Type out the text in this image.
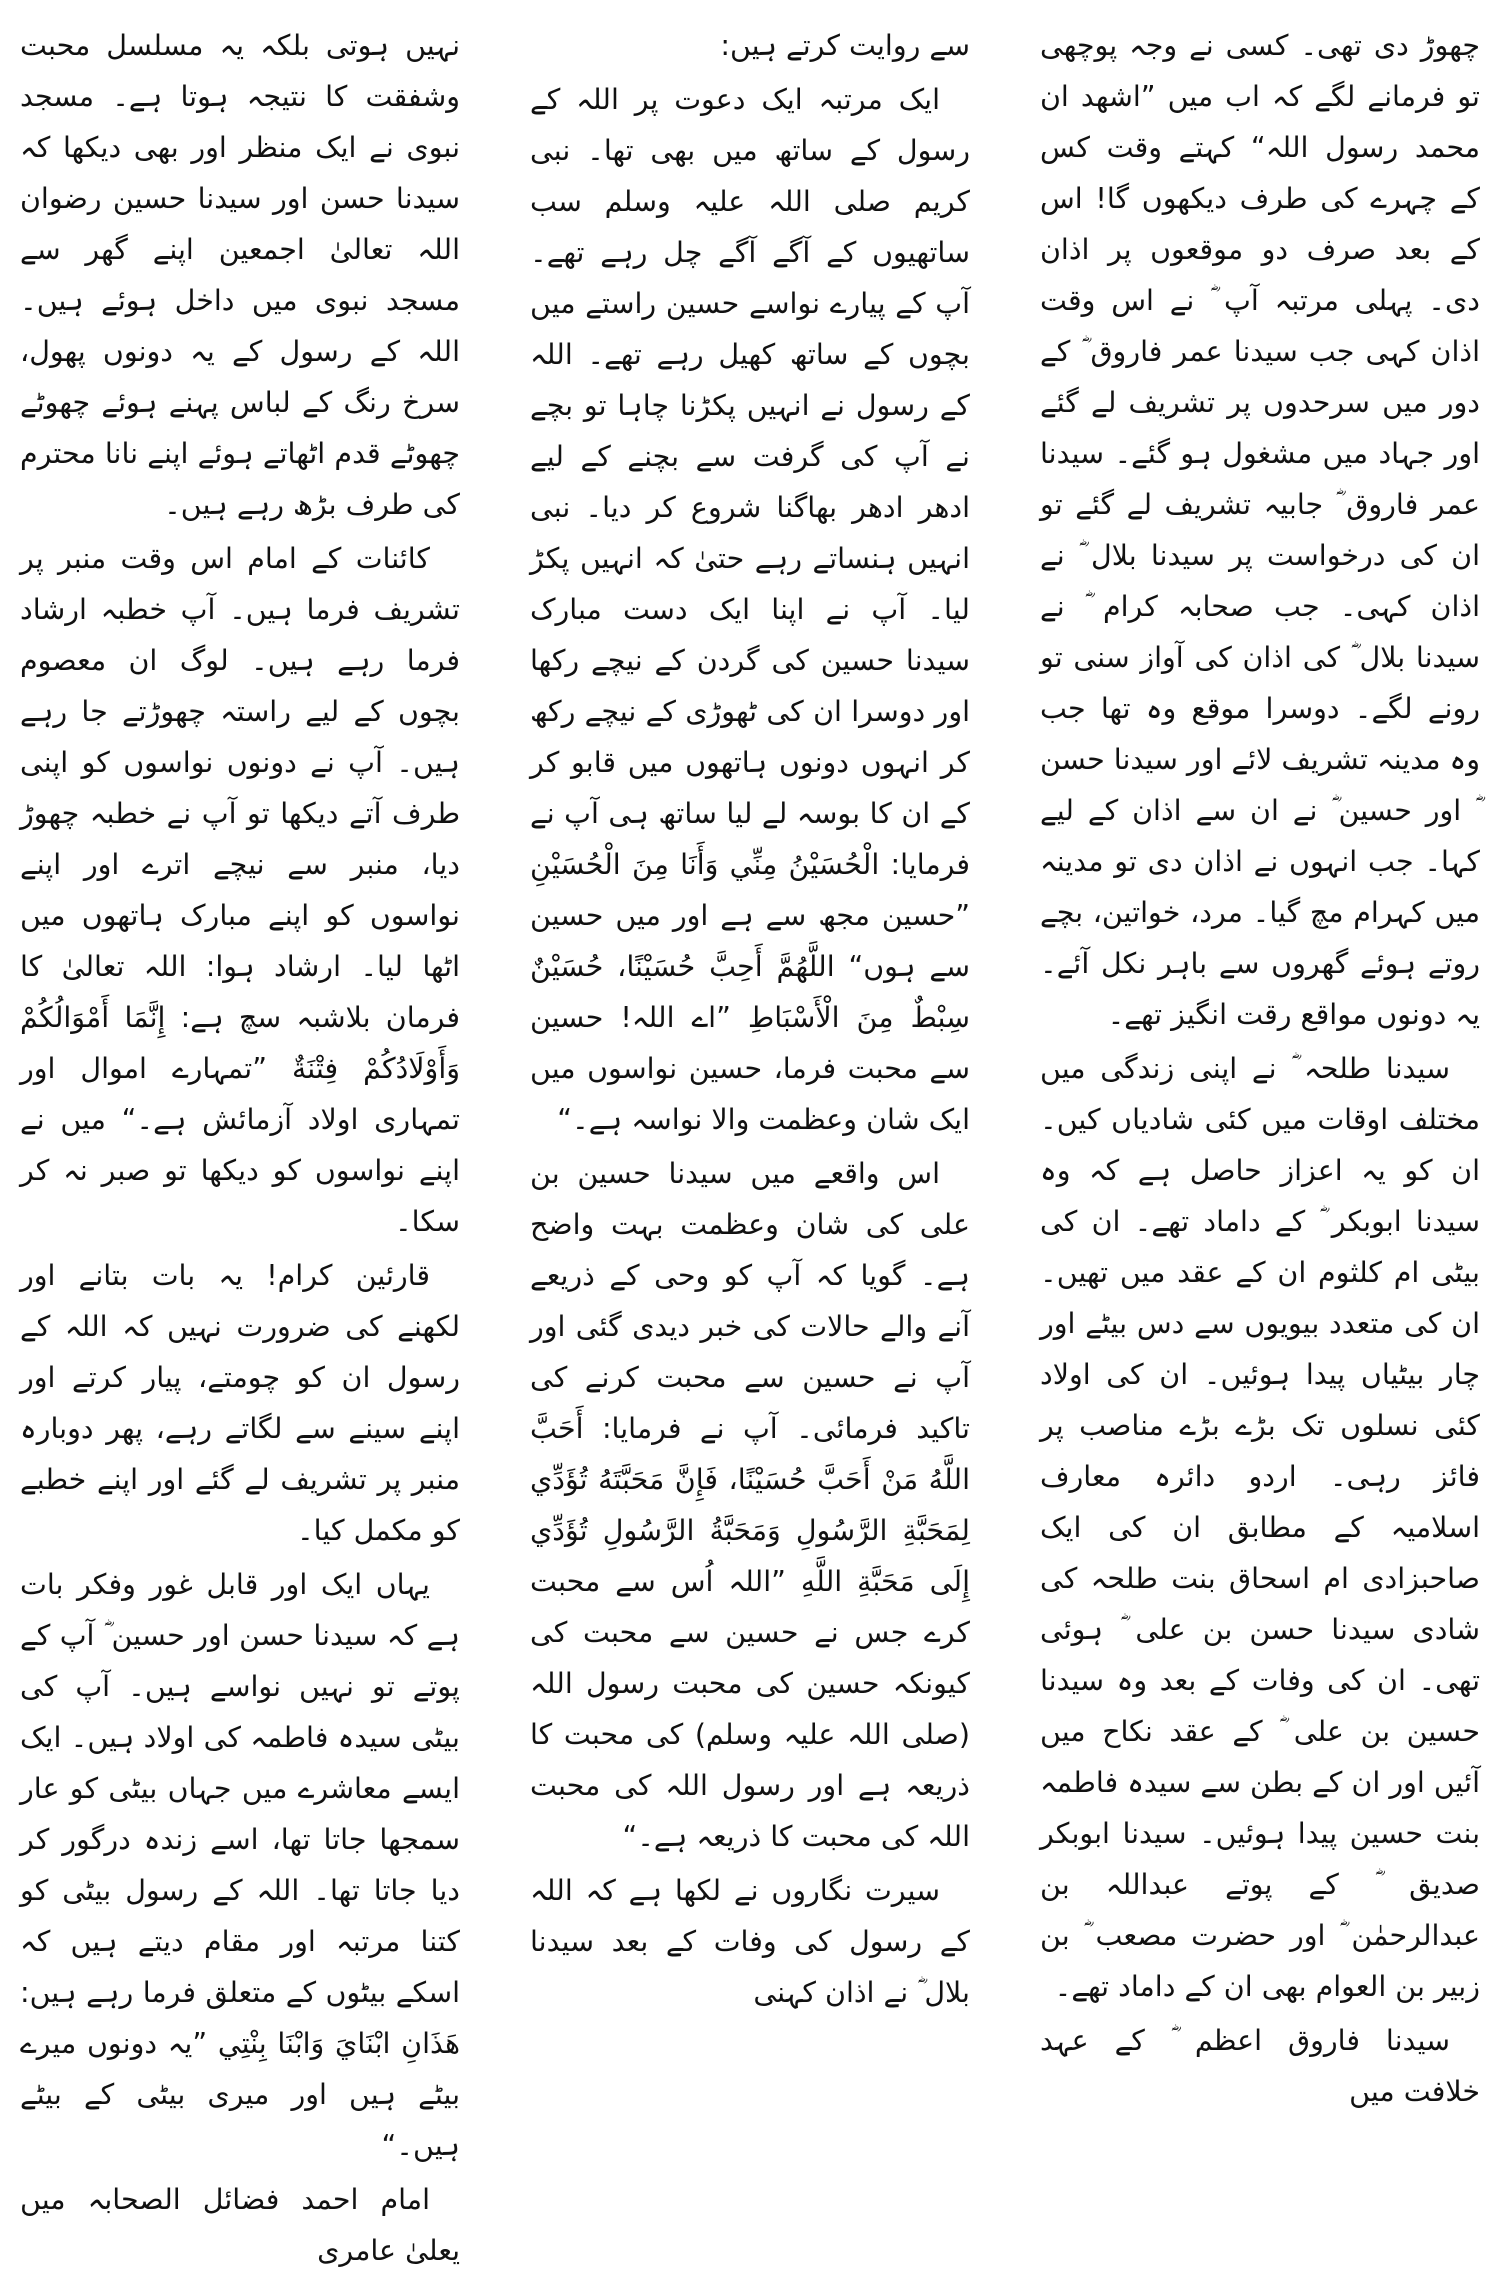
نہیں ہوتی بلکہ یہ مسلسل محبت وشفقت کا نتیجہ ہوتا ہے۔ مسجد نبوی نے ایک منظر اور بھی دیکھا کہ سیدنا حسن اور سیدنا حسین رضوان اللہ تعالیٰ اجمعین اپنے گھر سے مسجد نبوی میں داخل ہوئے ہیں۔ اللہ کے رسول کے یہ دونوں پھول، سرخ رنگ کے لباس پہنے ہوئے چھوٹے چھوٹے قدم اٹھاتے ہوئے اپنے نانا محترم کی طرف بڑھ رہے ہیں۔

کائنات کے امام اس وقت منبر پر تشریف فرما ہیں۔ آپ خطبہ ارشاد فرما رہے ہیں۔ لوگ ان معصوم بچوں کے لیے راستہ چھوڑتے جا رہے ہیں۔ آپ نے دونوں نواسوں کو اپنی طرف آتے دیکھا تو آپ نے خطبہ چھوڑ دیا، منبر سے نیچے اترے اور اپنے نواسوں کو اپنے مبارک ہاتھوں میں اٹھا لیا۔ ارشاد ہوا: اللہ تعالیٰ کا فرمان بلاشبہ سچ ہے: إِنَّمَا أَمْوَالُكُمْ وَأَوْلَادُكُمْ فِتْنَةٌ ”تمہارے اموال اور تمہاری اولاد آزمائش ہے۔“ میں نے اپنے نواسوں کو دیکھا تو صبر نہ کر سکا۔

قارئین کرام! یہ بات بتانے اور لکھنے کی ضرورت نہیں کہ اللہ کے رسول ان کو چومتے، پیار کرتے اور اپنے سینے سے لگاتے رہے، پھر دوبارہ منبر پر تشریف لے گئے اور اپنے خطبے کو مکمل کیا۔

یہاں ایک اور قابل غور وفکر بات ہے کہ سیدنا حسن اور حسین ؓ آپ کے پوتے تو نہیں نواسے ہیں۔ آپ کی بیٹی سیدہ فاطمہ کی اولاد ہیں۔ ایک ایسے معاشرے میں جہاں بیٹی کو عار سمجھا جاتا تھا، اسے زندہ درگور کر دیا جاتا تھا۔ اللہ کے رسول بیٹی کو کتنا مرتبہ اور مقام دیتے ہیں کہ اسکے بیٹوں کے متعلق فرما رہے ہیں: هَذَانِ ابْنَايَ وَابْنَا بِنْتِي ”یہ دونوں میرے بیٹے ہیں اور میری بیٹی کے بیٹے ہیں۔“

امام احمد فضائل الصحابہ میں یعلیٰ عامری

سے روایت کرتے ہیں:

ایک مرتبہ ایک دعوت پر اللہ کے رسول کے ساتھ میں بھی تھا۔ نبی کریم صلی اللہ علیہ وسلم سب ساتھیوں کے آگے آگے چل رہے تھے۔ آپ کے پیارے نواسے حسین راستے میں بچوں کے ساتھ کھیل رہے تھے۔ اللہ کے رسول نے انہیں پکڑنا چاہا تو بچے نے آپ کی گرفت سے بچنے کے لیے ادھر ادھر بھاگنا شروع کر دیا۔ نبی انہیں ہنساتے رہے حتیٰ کہ انہیں پکڑ لیا۔ آپ نے اپنا ایک دست مبارک سیدنا حسین کی گردن کے نیچے رکھا اور دوسرا ان کی ٹھوڑی کے نیچے رکھ کر انہوں دونوں ہاتھوں میں قابو کر کے ان کا بوسہ لے لیا ساتھ ہی آپ نے فرمایا: الْحُسَيْنُ مِنِّي وَأَنَا مِنَ الْحُسَيْنِ ”حسین مجھ سے ہے اور میں حسین سے ہوں“ اللَّهُمَّ أَحِبَّ حُسَيْنًا، حُسَيْنٌ سِبْطٌ مِنَ الْأَسْبَاطِ ”اے اللہ! حسین سے محبت فرما، حسین نواسوں میں ایک شان وعظمت والا نواسہ ہے۔“

اس واقعے میں سیدنا حسین بن علی کی شان وعظمت بہت واضح ہے۔ گویا کہ آپ کو وحی کے ذریعے آنے والے حالات کی خبر دیدی گئی اور آپ نے حسین سے محبت کرنے کی تاکید فرمائی۔ آپ نے فرمایا: أَحَبَّ اللَّهُ مَنْ أَحَبَّ حُسَيْنًا، فَإِنَّ مَحَبَّتَهُ تُؤَدِّي لِمَحَبَّةِ الرَّسُولِ وَمَحَبَّةُ الرَّسُولِ تُؤَدِّي إِلَى مَحَبَّةِ اللَّهِ ”اللہ اُس سے محبت کرے جس نے حسین سے محبت کی کیونکہ حسین کی محبت رسول اللہ (صلی اللہ علیہ وسلم) کی محبت کا ذریعہ ہے اور رسول اللہ کی محبت اللہ کی محبت کا ذریعہ ہے۔“

سیرت نگاروں نے لکھا ہے کہ اللہ کے رسول کی وفات کے بعد سیدنا بلال ؓ نے اذان کہنی

چھوڑ دی تھی۔ کسی نے وجہ پوچھی تو فرمانے لگے کہ اب میں ”اشھد ان محمد رسول اللہ“ کہتے وقت کس کے چہرے کی طرف دیکھوں گا! اس کے بعد صرف دو موقعوں پر اذان دی۔ پہلی مرتبہ آپ ؓ نے اس وقت اذان کہی جب سیدنا عمر فاروق ؓ کے دور میں سرحدوں پر تشریف لے گئے اور جہاد میں مشغول ہو گئے۔ سیدنا عمر فاروق ؓ جابیہ تشریف لے گئے تو ان کی درخواست پر سیدنا بلال ؓ نے اذان کہی۔ جب صحابہ کرام ؓ نے سیدنا بلال ؓ کی اذان کی آواز سنی تو رونے لگے۔ دوسرا موقع وہ تھا جب وہ مدینہ تشریف لائے اور سیدنا حسن ؓ اور حسین ؓ نے ان سے اذان کے لیے کہا۔ جب انہوں نے اذان دی تو مدینہ میں کہرام مچ گیا۔ مرد، خواتین، بچے روتے ہوئے گھروں سے باہر نکل آئے۔ یہ دونوں مواقع رقت انگیز تھے۔

سیدنا طلحہ ؓ نے اپنی زندگی میں مختلف اوقات میں کئی شادیاں کیں۔ ان کو یہ اعزاز حاصل ہے کہ وہ سیدنا ابوبکر ؓ کے داماد تھے۔ ان کی بیٹی ام کلثوم ان کے عقد میں تھیں۔ ان کی متعدد بیویوں سے دس بیٹے اور چار بیٹیاں پیدا ہوئیں۔ ان کی اولاد کئی نسلوں تک بڑے بڑے مناصب پر فائز رہی۔ اردو دائرہ معارف اسلامیہ کے مطابق ان کی ایک صاحبزادی ام اسحاق بنت طلحہ کی شادی سیدنا حسن بن علی ؓ ہوئی تھی۔ ان کی وفات کے بعد وہ سیدنا حسین بن علی ؓ کے عقد نکاح میں آئیں اور ان کے بطن سے سیدہ فاطمہ بنت حسین پیدا ہوئیں۔ سیدنا ابوبکر صدیق ؓ کے پوتے عبداللہ بن عبدالرحمٰن ؓ اور حضرت مصعب ؓ بن زبیر بن العوام بھی ان کے داماد تھے۔

سیدنا فاروق اعظم ؓ کے عہد خلافت میں
